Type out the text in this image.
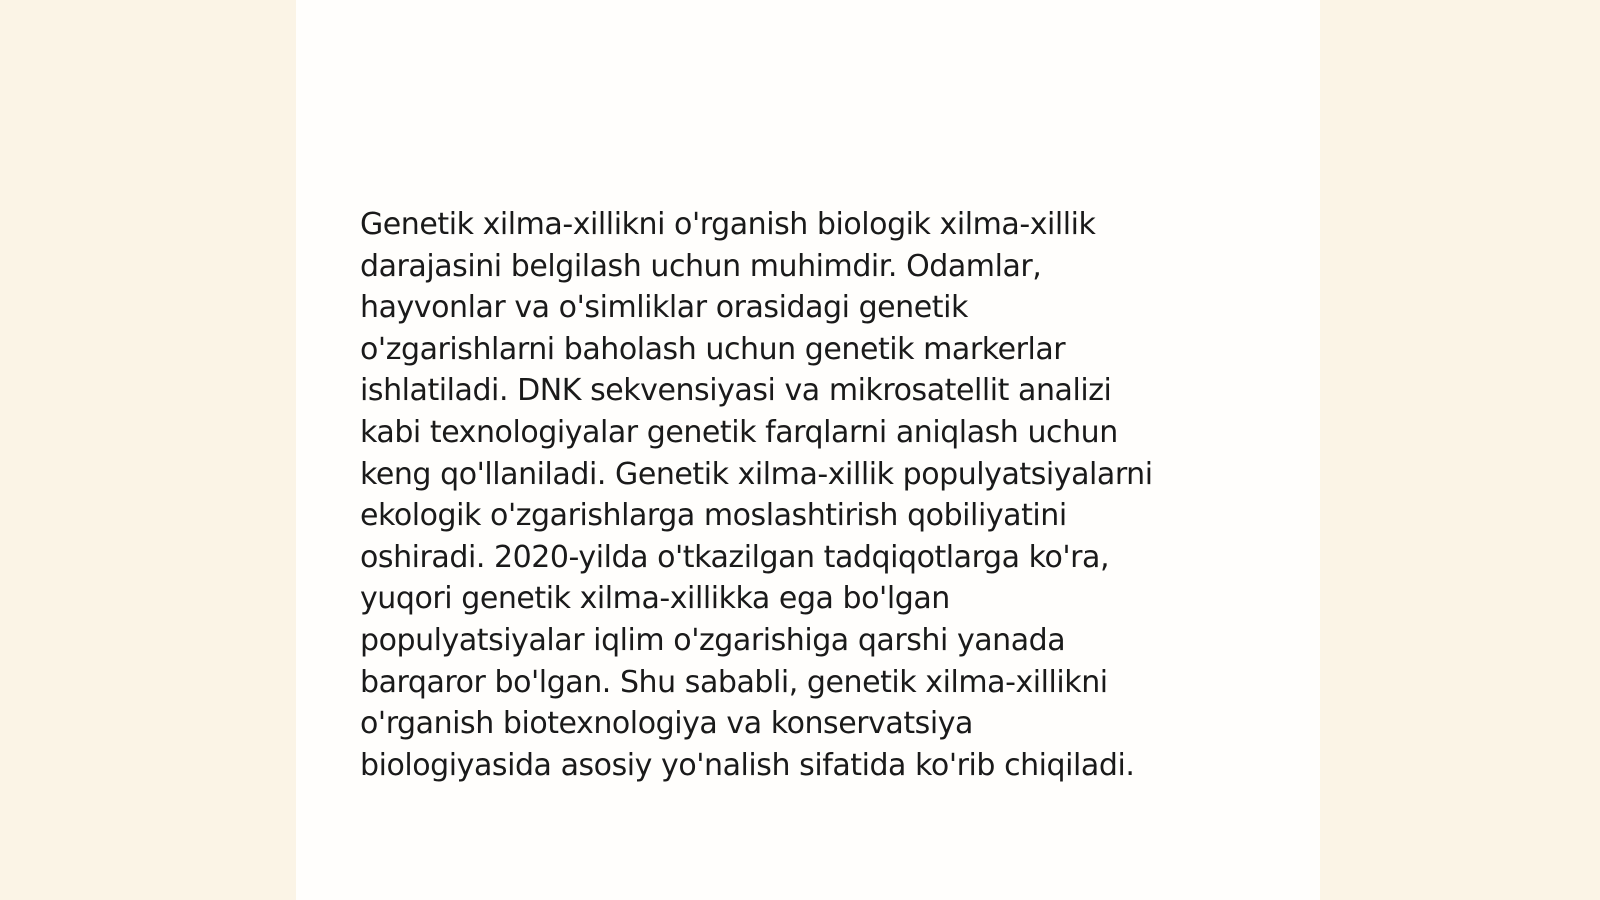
Genetik xilma-xillikni o'rganish biologik xilma-xillik
darajasini belgilash uchun muhimdir. Odamlar,
hayvonlar va o'simliklar orasidagi genetik
o'zgarishlarni baholash uchun genetik markerlar
ishlatiladi. DNK sekvensiyasi va mikrosatellit analizi
kabi texnologiyalar genetik farqlarni aniqlash uchun
keng qo'llaniladi. Genetik xilma-xillik populyatsiyalarni
ekologik o'zgarishlarga moslashtirish qobiliyatini
oshiradi. 2020-yilda o'tkazilgan tadqiqotlarga ko'ra,
yuqori genetik xilma-xillikka ega bo'lgan
populyatsiyalar iqlim o'zgarishiga qarshi yanada
barqaror bo'lgan. Shu sababli, genetik xilma-xillikni
o'rganish biotexnologiya va konservatsiya
biologiyasida asosiy yo'nalish sifatida ko'rib chiqiladi.
